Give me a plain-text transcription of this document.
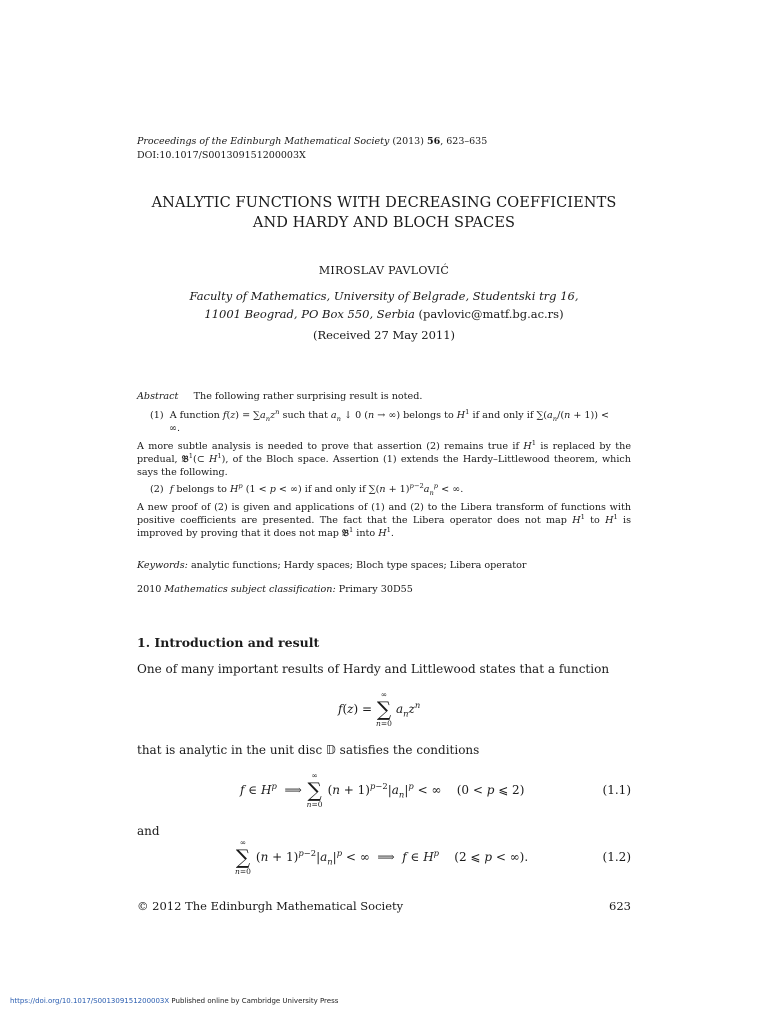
Proceedings of the Edinburgh Mathematical Society (2013) 56, 623–635
DOI:10.1017/S001309151200003X
ANALYTIC FUNCTIONS WITH DECREASING COEFFICIENTS
AND HARDY AND BLOCH SPACES
MIROSLAV PAVLOVIĆ
Faculty of Mathematics, University of Belgrade, Studentski trg 16,
11001 Beograd, PO Box 550, Serbia (pavlovic@matf.bg.ac.rs)
(Received 27 May 2011)
Abstract The following rather surprising result is noted.
(1) A function $f(z) = \sum a_nz^n$ such that $a_n$ ↓ 0 (n → ∞) belongs to $H^1$ if and only if $\sum(a_n/(n + 1))$ <
∞.
A more subtle analysis is needed to prove that assertion (2) remains true if $H^1$ is replaced by the predual, 𝔅$^1$(⊂ $H^1$), of the Bloch space. Assertion (1) extends the Hardy–Littlewood theorem, which says the following.
(2) f belongs to $H^p$ (1 < p < ∞) if and only if $\sum(n + 1)^{p-2}a_n^p$ < ∞.
A new proof of (2) is given and applications of (1) and (2) to the Libera transform of functions with positive coefficients are presented. The fact that the Libera operator does not map $H^1$ to $H^1$ is improved by proving that it does not map 𝔅$^1$ into $H^1$.
Keywords: analytic functions; Hardy spaces; Bloch type spaces; Libera operator
2010 Mathematics subject classification: Primary 30D55
1. Introduction and result
One of many important results of Hardy and Littlewood states that a function
f(z) =
∞
∑
n=0
$a_nz^n$
that is analytic in the unit disc 𝔻 satisfies the conditions
f ∈ $H^p$  ⟹
∞
∑
n=0
$(n + 1)^{p-2}|a_n|^p$ < ∞    (0 < p ⩽ 2)	(1.1)
and
∞
∑
n=0
$(n + 1)^{p-2}|a_n|^p$ < ∞  ⟹  f ∈ $H^p$    (2 ⩽ p < ∞).	(1.2)
© 2012 The Edinburgh Mathematical Society	623
https://doi.org/10.1017/S001309151200003X Published online by Cambridge University Press
